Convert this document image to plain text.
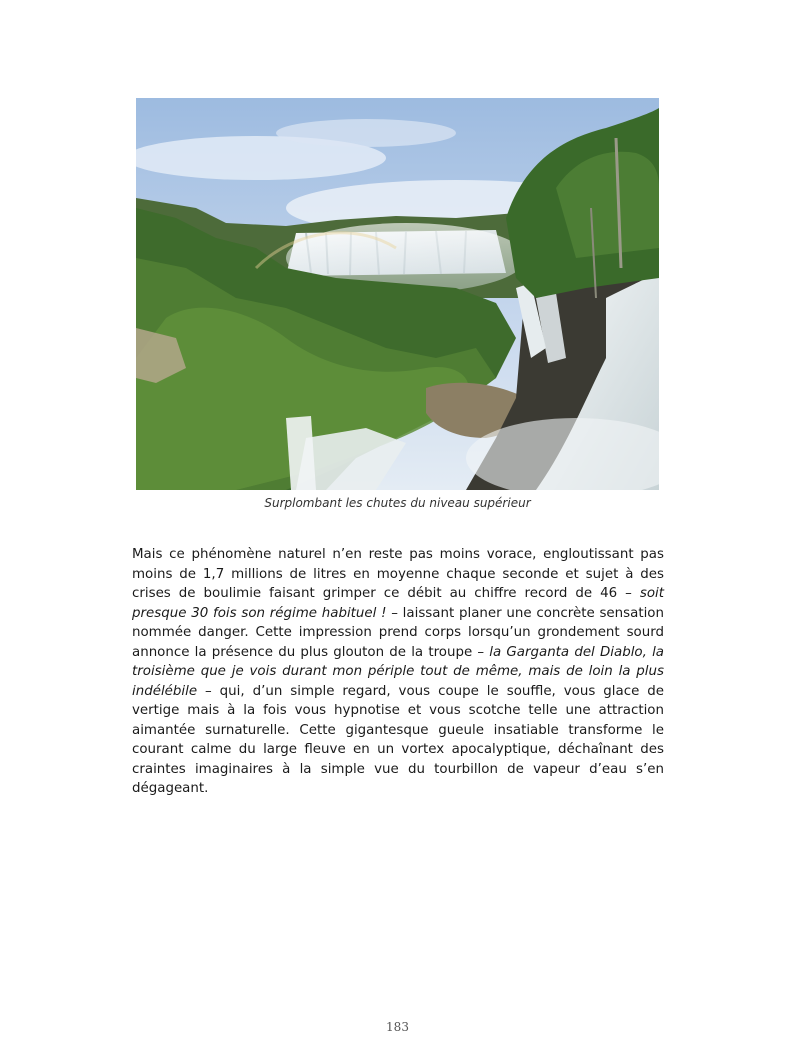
Surplombant les chutes du niveau supérieur

Mais ce phénomène naturel n’en reste pas moins vorace, engloutissant pas moins de 1,7 millions de litres en moyenne chaque seconde et sujet à des crises de boulimie faisant grimper ce débit au chiffre record de 46 – soit presque 30 fois son régime habituel ! – laissant planer une concrète sensation nommée danger. Cette impression prend corps lorsqu’un grondement sourd annonce la présence du plus glouton de la troupe – la Garganta del Diablo, la troisième que je vois durant mon périple tout de même, mais de loin la plus indélébile – qui, d’un simple regard, vous coupe le souffle, vous glace de vertige mais à la fois vous hypnotise et vous scotche telle une attraction aimantée surnaturelle. Cette gigantesque gueule insatiable transforme le courant calme du large fleuve en un vortex apocalyptique, déchaînant des craintes imaginaires à la simple vue du tourbillon de vapeur d’eau s’en dégageant.

183
